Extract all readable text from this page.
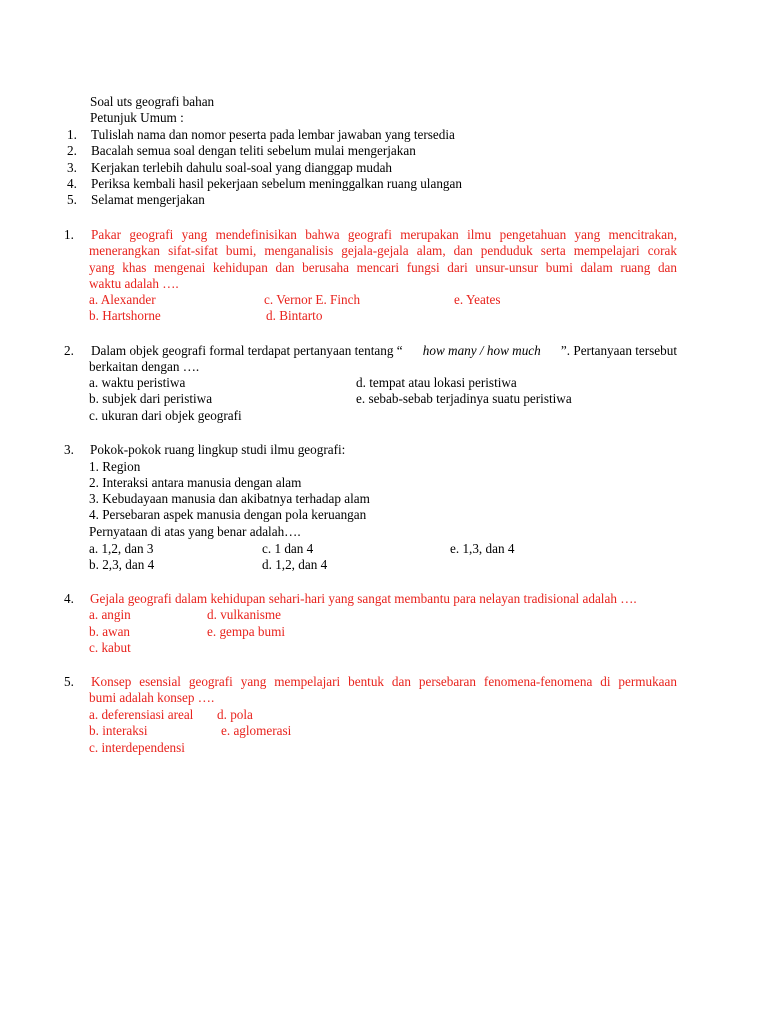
Soal uts geografi bahan
Petunjuk Umum :
1. Tulislah nama dan nomor peserta pada lembar jawaban yang tersedia
2. Bacalah semua soal dengan teliti sebelum mulai mengerjakan
3. Kerjakan terlebih dahulu soal-soal yang dianggap mudah
4. Periksa kembali hasil pekerjaan sebelum meninggalkan ruang ulangan
5. Selamat mengerjakan
1. Pakar geografi yang mendefinisikan bahwa geografi merupakan ilmu pengetahuan yang mencitrakan,
menerangkan sifat-sifat bumi, menganalisis gejala-gejala alam, dan penduduk serta mempelajari corak
yang khas mengenai kehidupan dan berusaha mencari fungsi dari unsur-unsur bumi dalam ruang dan
waktu adalah ….
a. Alexander	c. Vernor E. Finch	e. Yeates
b. Hartshorne	d. Bintarto
2. Dalam objek geografi formal terdapat pertanyaan tentang “ how many / how much ”. Pertanyaan tersebut
berkaitan dengan ….
a. waktu peristiwa	d. tempat atau lokasi peristiwa
b. subjek dari peristiwa	e. sebab-sebab terjadinya suatu peristiwa
c. ukuran dari objek geografi
3. Pokok-pokok ruang lingkup studi ilmu geografi:
1. Region
2. Interaksi antara manusia dengan alam
3. Kebudayaan manusia dan akibatnya terhadap alam
4. Persebaran aspek manusia dengan pola keruangan
Pernyataan di atas yang benar adalah….
a. 1,2, dan 3	c. 1 dan 4	e. 1,3, dan 4
b. 2,3, dan 4	d. 1,2, dan 4
4. Gejala geografi dalam kehidupan sehari-hari yang sangat membantu para nelayan tradisional adalah ….
a. angin	d. vulkanisme
b. awan	e. gempa bumi
c. kabut
5. Konsep esensial geografi yang mempelajari bentuk dan persebaran fenomena-fenomena di permukaan
bumi adalah konsep ….
a. deferensiasi areal d. pola
b. interaksi	e. aglomerasi
c. interdependensi
